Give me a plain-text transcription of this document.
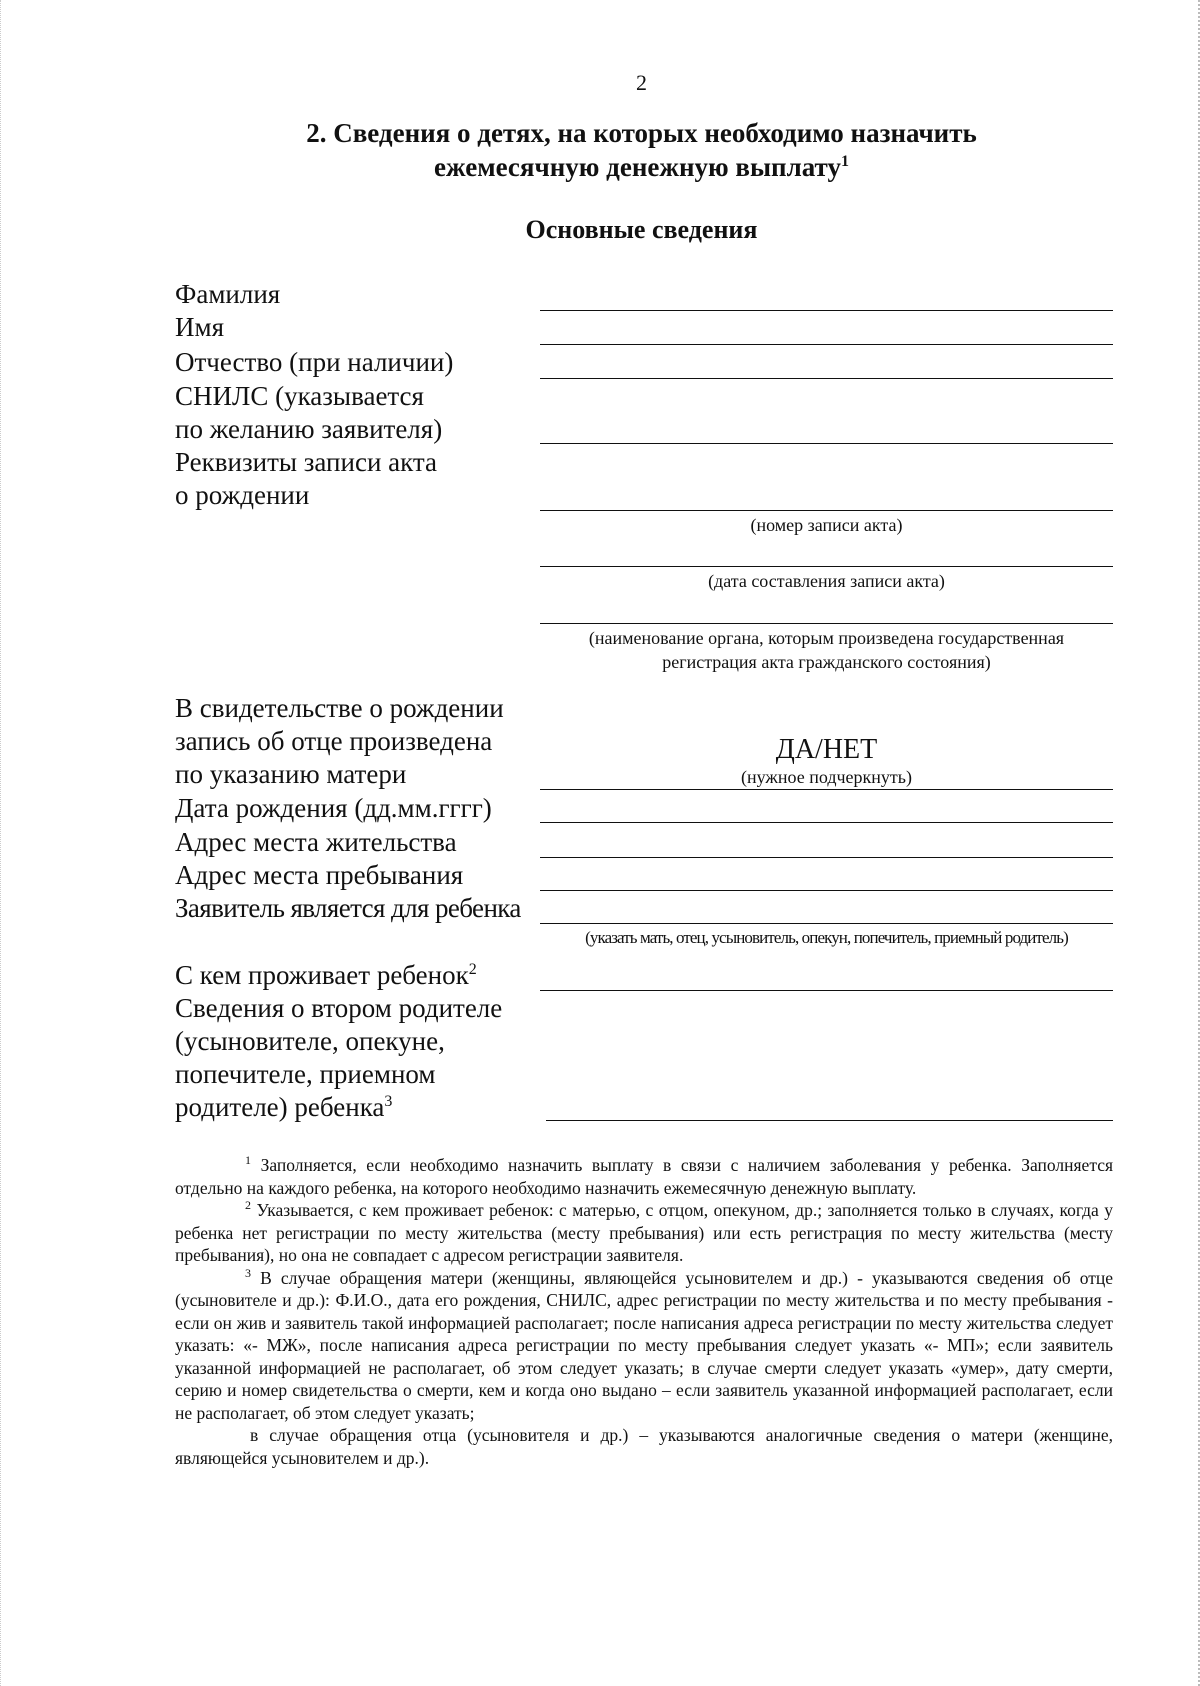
2
2. Сведения о детях, на которых необходимо назначить
ежемесячную денежную выплату$^1$
Основные сведения
Фамилия
Имя
Отчество (при наличии)
СНИЛС (указывается
по желанию заявителя)
Реквизиты записи акта
о рождении
(номер записи акта)
(дата составления записи акта)
(наименование органа, которым произведена государственная
регистрация акта гражданского состояния)
В свидетельстве о рождении
запись об отце произведена
по указанию матери
ДА/НЕТ
(нужное подчеркнуть)
Дата рождения (дд.мм.гггг)
Адрес места жительства
Адрес места пребывания
Заявитель является для ребенка
(указать мать, отец, усыновитель, опекун, попечитель, приемный родитель)
С кем проживает ребенок$^2$
Сведения о втором родителе
(усыновителе, опекуне,
попечителе, приемном
родителе) ребенка$^3$

$^1$ Заполняется, если необходимо назначить выплату в связи с наличием заболевания у ребенка. Заполняется отдельно на каждого ребенка, на которого необходимо назначить ежемесячную денежную выплату.

$^2$ Указывается, с кем проживает ребенок: с матерью, с отцом, опекуном, др.; заполняется только в случаях, когда у ребенка нет регистрации по месту жительства (месту пребывания) или есть регистрация по месту жительства (месту пребывания), но она не совпадает с адресом регистрации заявителя.

$^3$ В случае обращения матери (женщины, являющейся усыновителем и др.) - указываются сведения об отце (усыновителе и др.): Ф.И.О., дата его рождения, СНИЛС, адрес регистрации по месту жительства и по месту пребывания - если он жив и заявитель такой информацией располагает; после написания адреса регистрации по месту жительства следует указать: «- МЖ», после написания адреса регистрации по месту пребывания следует указать «- МП»; если заявитель указанной информацией не располагает, об этом следует указать; в случае смерти следует указать «умер», дату смерти, серию и номер свидетельства о смерти, кем и когда оно выдано – если заявитель указанной информацией располагает, если не располагает, об этом следует указать;

в случае обращения отца (усыновителя и др.) – указываются аналогичные сведения о матери (женщине, являющейся усыновителем и др.).
